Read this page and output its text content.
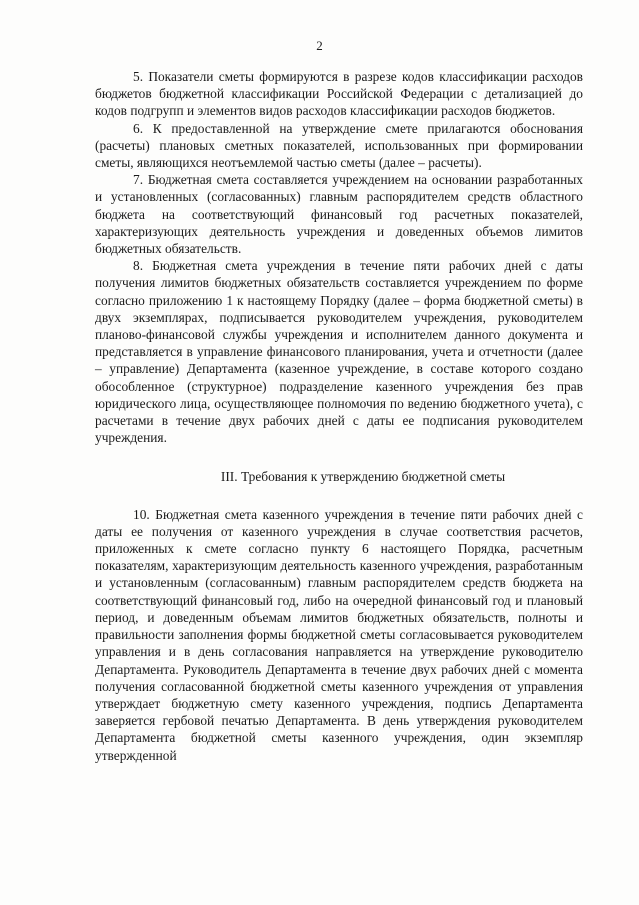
2

5. Показатели сметы формируются в разрезе кодов классификации расходов бюджетов бюджетной классификации Российской Федерации с детализацией до кодов подгрупп и элементов видов расходов классификации расходов бюджетов.

6. К предоставленной на утверждение смете прилагаются обоснования (расчеты) плановых сметных показателей, использованных при формировании сметы, являющихся неотъемлемой частью сметы (далее – расчеты).

7. Бюджетная смета составляется учреждением на основании разработанных и установленных (согласованных) главным распорядителем средств областного бюджета на соответствующий финансовый год расчетных показателей, характеризующих деятельность учреждения и доведенных объемов лимитов бюджетных обязательств.

8. Бюджетная смета учреждения в течение пяти рабочих дней с даты получения лимитов бюджетных обязательств составляется учреждением по форме согласно приложению 1 к настоящему Порядку (далее – форма бюджетной сметы) в двух экземплярах, подписывается руководителем учреждения, руководителем планово-финансовой службы учреждения и исполнителем данного документа и представляется в управление финансового планирования, учета и отчетности (далее – управление) Департамента (казенное учреждение, в составе которого создано обособленное (структурное) подразделение казенного учреждения без прав юридического лица, осуществляющее полномочия по ведению бюджетного учета), с расчетами в течение двух рабочих дней с даты ее подписания руководителем учреждения.

III. Требования к утверждению бюджетной сметы

10. Бюджетная смета казенного учреждения в течение пяти рабочих дней с даты ее получения от казенного учреждения в случае соответствия расчетов, приложенных к смете согласно пункту 6 настоящего Порядка, расчетным показателям, характеризующим деятельность казенного учреждения, разработанным и установленным (согласованным) главным распорядителем средств бюджета на соответствующий финансовый год, либо на очередной финансовый год и плановый период, и доведенным объемам лимитов бюджетных обязательств, полноты и правильности заполнения формы бюджетной сметы согласовывается руководителем управления и в день согласования направляется на утверждение руководителю Департамента. Руководитель Департамента в течение двух рабочих дней с момента получения согласованной бюджетной сметы казенного учреждения от управления утверждает бюджетную смету казенного учреждения, подпись Департамента заверяется гербовой печатью Департамента. В день утверждения руководителем Департамента бюджетной сметы казенного учреждения, один экземпляр утвержденной
